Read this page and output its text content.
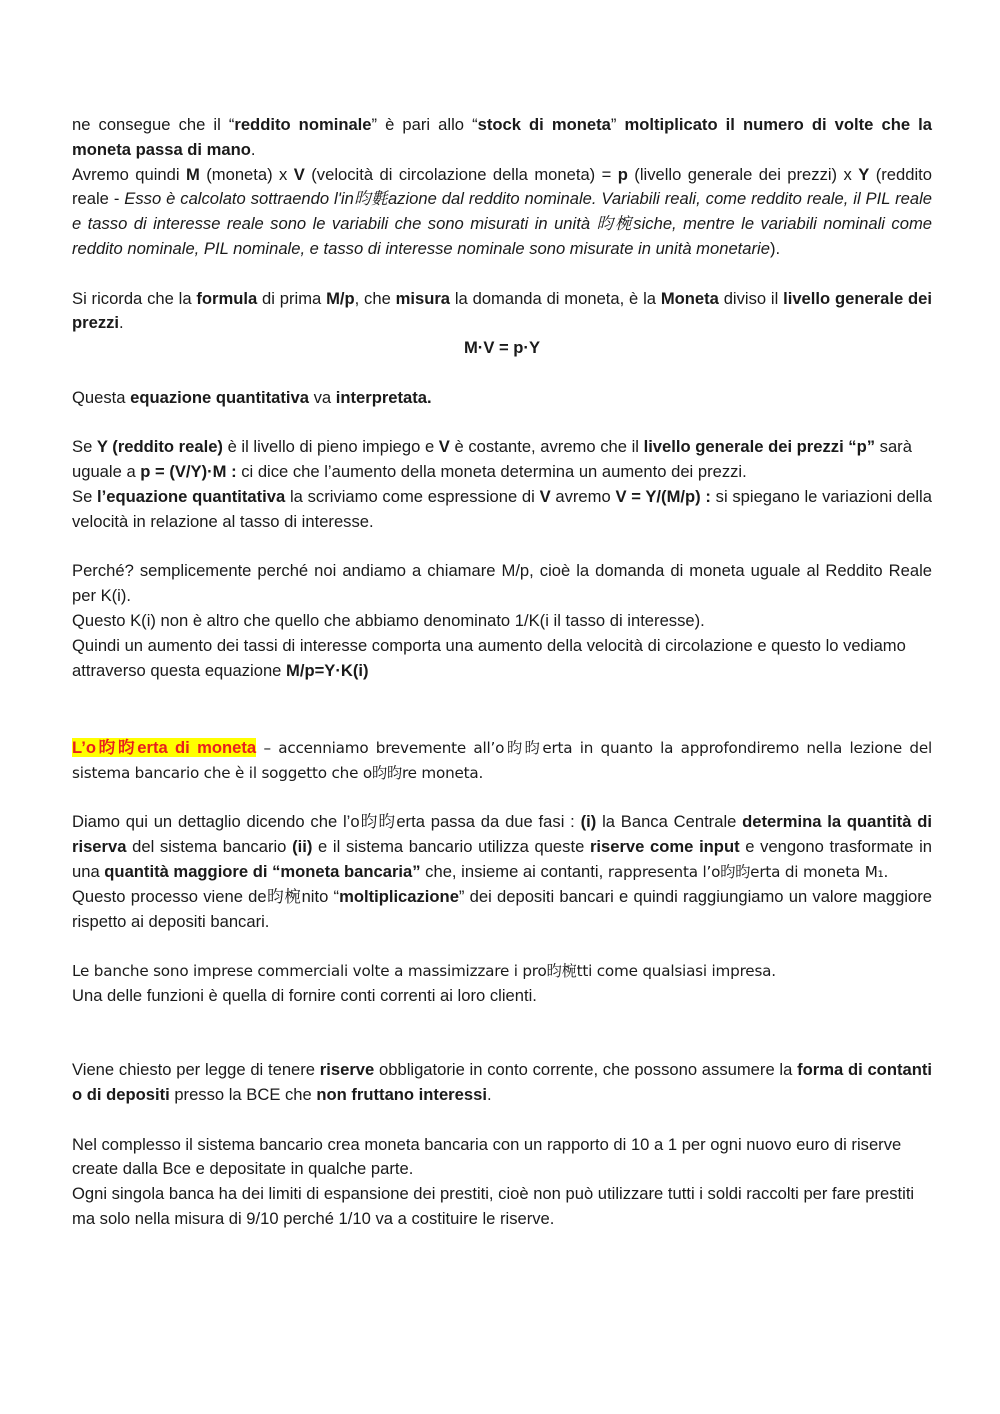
ne consegue che il “reddito nominale” è pari allo “stock di moneta” moltiplicato il numero di volte che la moneta passa di mano.

Avremo quindi M (moneta) x V (velocità di circolazione della moneta) = p (livello generale dei prezzi) x Y (reddito reale - Esso è calcolato sottraendo l'in昀氀azione dal reddito nominale. Variabili reali, come reddito reale, il PIL reale e tasso di interesse reale sono le variabili che sono misurati in unità 昀椀siche, mentre le variabili nominali come reddito nominale, PIL nominale, e tasso di interesse nominale sono misurate in unità monetarie).

Si ricorda che la formula di prima M/p, che misura la domanda di moneta, è la Moneta diviso il livello generale dei prezzi.

M·V = p·Y

Questa equazione quantitativa va interpretata.

Se Y (reddito reale) è il livello di pieno impiego e V è costante, avremo che il livello generale dei prezzi “p” sarà uguale a p = (V/Y)·M : ci dice che l’aumento della moneta determina un aumento dei prezzi.

Se l’equazione quantitativa la scriviamo come espressione di V avremo V = Y/(M/p) : si spiegano le variazioni della velocità in relazione al tasso di interesse.

Perché? semplicemente perché noi andiamo a chiamare M/p, cioè la domanda di moneta uguale al Reddito Reale per K(i).

Questo K(i) non è altro che quello che abbiamo denominato 1/K(i il tasso di interesse).

Quindi un aumento dei tassi di interesse comporta una aumento della velocità di circolazione e questo lo vediamo attraverso questa equazione M/p=Y·K(i)

L’o昀昀erta di moneta – accenniamo brevemente all’o昀昀erta in quanto la approfondiremo nella lezione del sistema bancario che è il soggetto che o昀昀re moneta.

Diamo qui un dettaglio dicendo che l’o昀昀erta passa da due fasi : (i) la Banca Centrale determina la quantità di riserva del sistema bancario (ii) e il sistema bancario utilizza queste riserve come input e vengono trasformate in una quantità maggiore di “moneta bancaria” che, insieme ai contanti, rappresenta l’o昀昀erta di moneta M₁.

Questo processo viene de昀椀nito “moltiplicazione” dei depositi bancari e quindi raggiungiamo un valore maggiore rispetto ai depositi bancari.

Le banche sono imprese commerciali volte a massimizzare i pro昀椀tti come qualsiasi impresa.

Una delle funzioni è quella di fornire conti correnti ai loro clienti.

Viene chiesto per legge di tenere riserve obbligatorie in conto corrente, che possono assumere la forma di contanti o di depositi presso la BCE che non fruttano interessi.

Nel complesso il sistema bancario crea moneta bancaria con un rapporto di 10 a 1 per ogni nuovo euro di riserve create dalla Bce e depositate in qualche parte.

Ogni singola banca ha dei limiti di espansione dei prestiti, cioè non può utilizzare tutti i soldi raccolti per fare prestiti ma solo nella misura di 9/10 perché 1/10 va a costituire le riserve.
